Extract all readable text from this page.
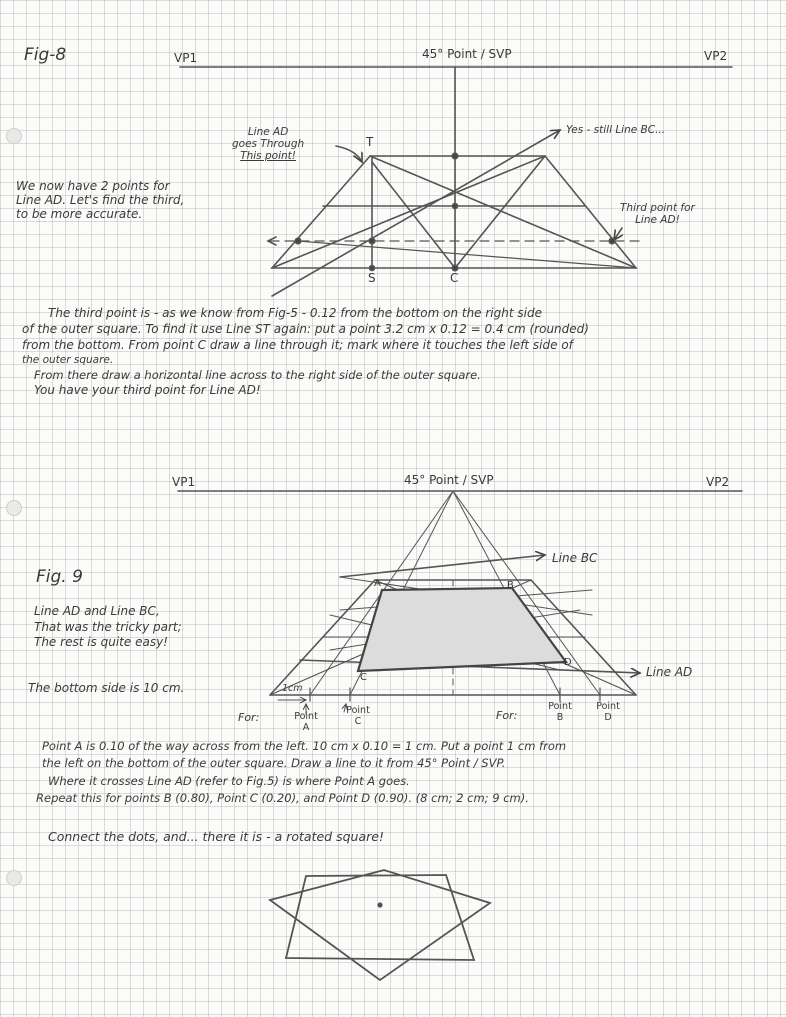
Fig-8	VP1	45° Point / SVP	VP2
Line AD
goes Through
This point!
T
S	C
Yes - still Line BC...
Third point for
Line AD!
We now have 2 points for
Line AD. Let's find the third,
to be more accurate.
The third point is - as we know from Fig-5 - 0.12 from the bottom on the right side
of the outer square. To find it use Line ST again: put a point 3.2 cm x 0.12 = 0.4 cm (rounded)
from the bottom. From point C draw a line through it; mark where it touches the left side of
the outer square.
From there draw a horizontal line across to the right side of the outer square.
You have your third point for Line AD!
VP1	45° Point / SVP	VP2
Fig. 9
Line BC
Line AD
Line AD and Line BC,
That was the tricky part;
The rest is quite easy!
The bottom side is 10 cm.
A	B
C
D
1cm
For:	Point
A
Point
C	For:
Point
B
Point
D
Point A is 0.10 of the way across from the left. 10 cm x 0.10 = 1 cm. Put a point 1 cm from
the left on the bottom of the outer square. Draw a line to it from 45° Point / SVP.
Where it crosses Line AD (refer to Fig.5) is where Point A goes.
Repeat this for points B (0.80), Point C (0.20), and Point D (0.90). (8 cm; 2 cm; 9 cm).
Connect the dots, and... there it is - a rotated square!
